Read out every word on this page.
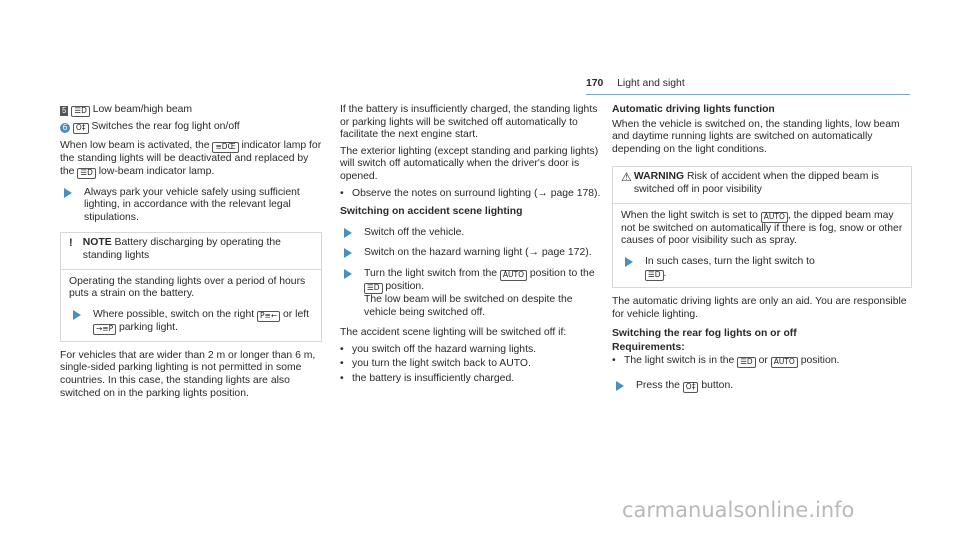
170 Light and sight

5 ☰D Low beam/high beam

6 O‡ Switches the rear fog light on/off

When low beam is activated, the ≡DŒ indicator lamp for the standing lights will be deactivated and replaced by the ☰D low-beam indicator lamp.

Always park your vehicle safely using sufficient lighting, in accordance with the relevant legal stipulations.
! NOTE Battery discharging by operating the standing lights

Operating the standing lights over a period of hours puts a strain on the battery.

Where possible, switch on the right P≡← or left →≡P parking light.

For vehicles that are wider than 2 m or longer than 6 m, single-sided parking lighting is not permitted in some countries. In this case, the standing lights are also switched on in the parking lights position.

If the battery is insufficiently charged, the standing lights or parking lights will be switched off automatically to facilitate the next engine start.

The exterior lighting (except standing and parking lights) will switch off automatically when the driver's door is opened.

• Observe the notes on surround lighting (→ page 178).
Switching on accident scene lighting
Switch off the vehicle.
Switch on the hazard warning light (→ page 172).
Turn the light switch from the AUTO position to the ☰D position.
The low beam will be switched on despite the vehicle being switched off.

The accident scene lighting will be switched off if:

• you switch off the hazard warning lights.
• you turn the light switch back to AUTO.
• the battery is insufficiently charged.
Automatic driving lights function

When the vehicle is switched on, the standing lights, low beam and daytime running lights are switched on automatically depending on the light conditions.

⚠ WARNING Risk of accident when the dipped beam is switched off in poor visibility

When the light switch is set to AUTO , the dipped beam may not be switched on automatically if there is fog, snow or other causes of poor visibility such as spray.

In such cases, turn the light switch to
☰D .

The automatic driving lights are only an aid. You are responsible for vehicle lighting.

Switching the rear fog lights on or off
Requirements:
• The light switch is in the ☰D or AUTO position.
Press the O‡ button.
carmanualsonline.info
